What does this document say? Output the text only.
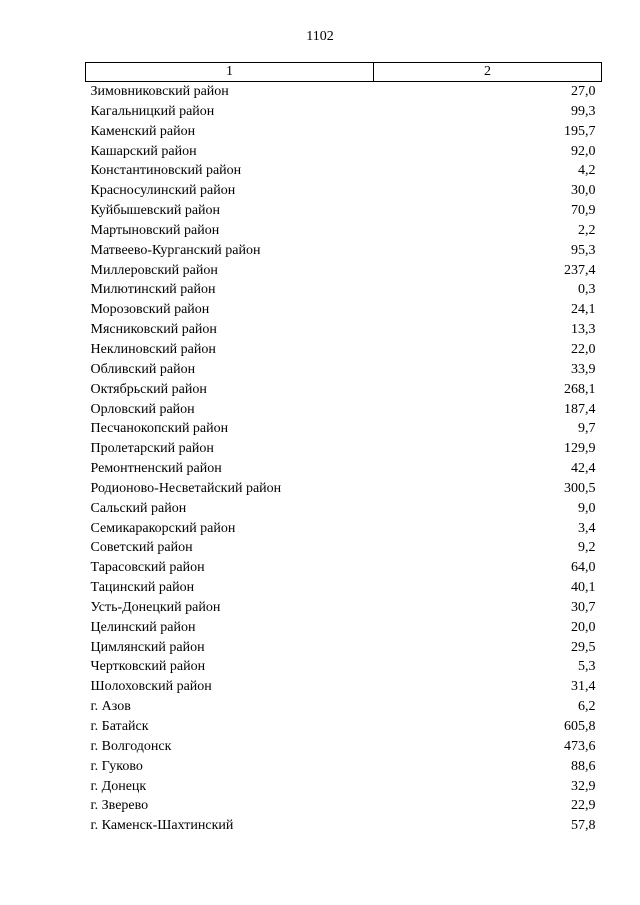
1102
1	2
Зимовниковский район	27,0
Кагальницкий район	99,3
Каменский район	195,7
Кашарский район	92,0
Константиновский район	4,2
Красносулинский район	30,0
Куйбышевский район	70,9
Мартыновский район	2,2
Матвеево-Курганский район	95,3
Миллеровский район	237,4
Милютинский район	0,3
Морозовский район	24,1
Мясниковский район	13,3
Неклиновский район	22,0
Обливский район	33,9
Октябрьский район	268,1
Орловский район	187,4
Песчанокопский район	9,7
Пролетарский район	129,9
Ремонтненский район	42,4
Родионово-Несветайский район	300,5
Сальский район	9,0
Семикаракорский район	3,4
Советский район	9,2
Тарасовский район	64,0
Тацинский район	40,1
Усть-Донецкий район	30,7
Целинский район	20,0
Цимлянский район	29,5
Чертковский район	5,3
Шолоховский район	31,4
г. Азов	6,2
г. Батайск	605,8
г. Волгодонск	473,6
г. Гуково	88,6
г. Донецк	32,9
г. Зверево	22,9
г. Каменск-Шахтинский	57,8
